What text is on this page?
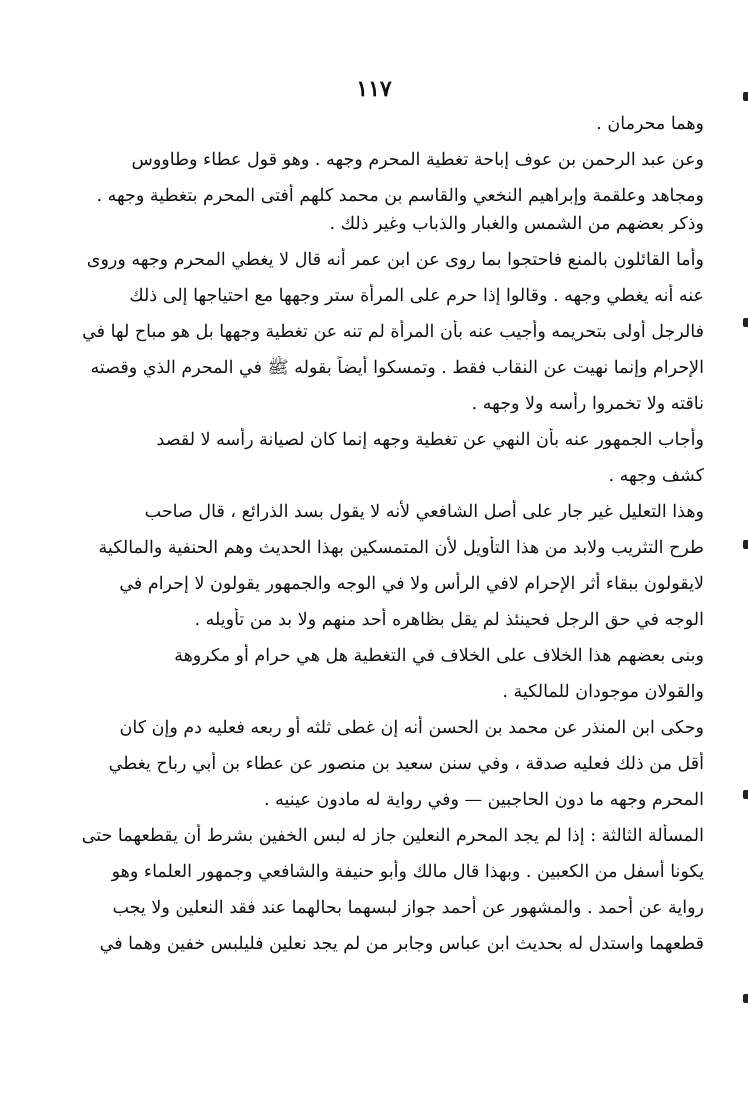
١١٧

وهما محرمان .

وعن عبد الرحمن بن عوف إباحة تغطية المحرم وجهه . وهو قول عطاء وطاووس

ومجاهد وعلقمة وإبراهيم النخعي والقاسم بن محمد كلهم أفتى المحرم بتغطية وجهه .

وذكر بعضهم من الشمس والغبار والذباب وغير ذلك .

وأما القائلون بالمنع فاحتجوا بما روى عن ابن عمر أنه قال لا يغطي المحرم وجهه وروى

عنه أنه يغطي وجهه . وقالوا إذا حرم على المرأة ستر وجهها مع احتياجها إلى ذلك

فالرجل أولى بتحريمه وأجيب عنه بأن المرأة لم تنه عن تغطية وجهها بل هو مباح لها في

الإحرام وإنما نهيت عن النقاب فقط . وتمسكوا أيضاً بقوله ﷺ في المحرم الذي وقصته

ناقته ولا تخمروا رأسه ولا وجهه .

وأجاب الجمهور عنه بأن النهي عن تغطية وجهه إنما كان لصيانة رأسه لا لقصد

كشف وجهه .

وهذا التعليل غير جار على أصل الشافعي لأنه لا يقول بسد الذرائع ، قال صاحب

طرح التثريب ولابد من هذا التأويل لأن المتمسكين بهذا الحديث وهم الحنفية والمالكية

لايقولون ببقاء أثر الإحرام لافي الرأس ولا في الوجه والجمهور يقولون لا إحرام في

الوجه في حق الرجل فحينئذ لم يقل بظاهره أحد منهم ولا بد من تأويله .

وبنى بعضهم هذا الخلاف على الخلاف في التغطية هل هي حرام أو مكروهة

والقولان موجودان للمالكية .

وحكى ابن المنذر عن محمد بن الحسن أنه إن غطى ثلثه أو ربعه فعليه دم وإن كان

أقل من ذلك فعليه صدقة ، وفي سنن سعيد بن منصور عن عطاء بن أبي رباح يغطي

المحرم وجهه ما دون الحاجبين — وفي رواية له مادون عينيه .

المسألة الثالثة : إذا لم يجد المحرم النعلين جاز له لبس الخفين بشرط أن يقطعهما حتى

يكونا أسفل من الكعبين . وبهذا قال مالك وأبو حنيفة والشافعي وجمهور العلماء وهو

رواية عن أحمد . والمشهور عن أحمد جواز لبسهما بحالهما عند فقد النعلين ولا يجب

قطعهما واستدل له بحديث ابن عباس وجابر من لم يجد نعلين فليلبس خفين وهما في
